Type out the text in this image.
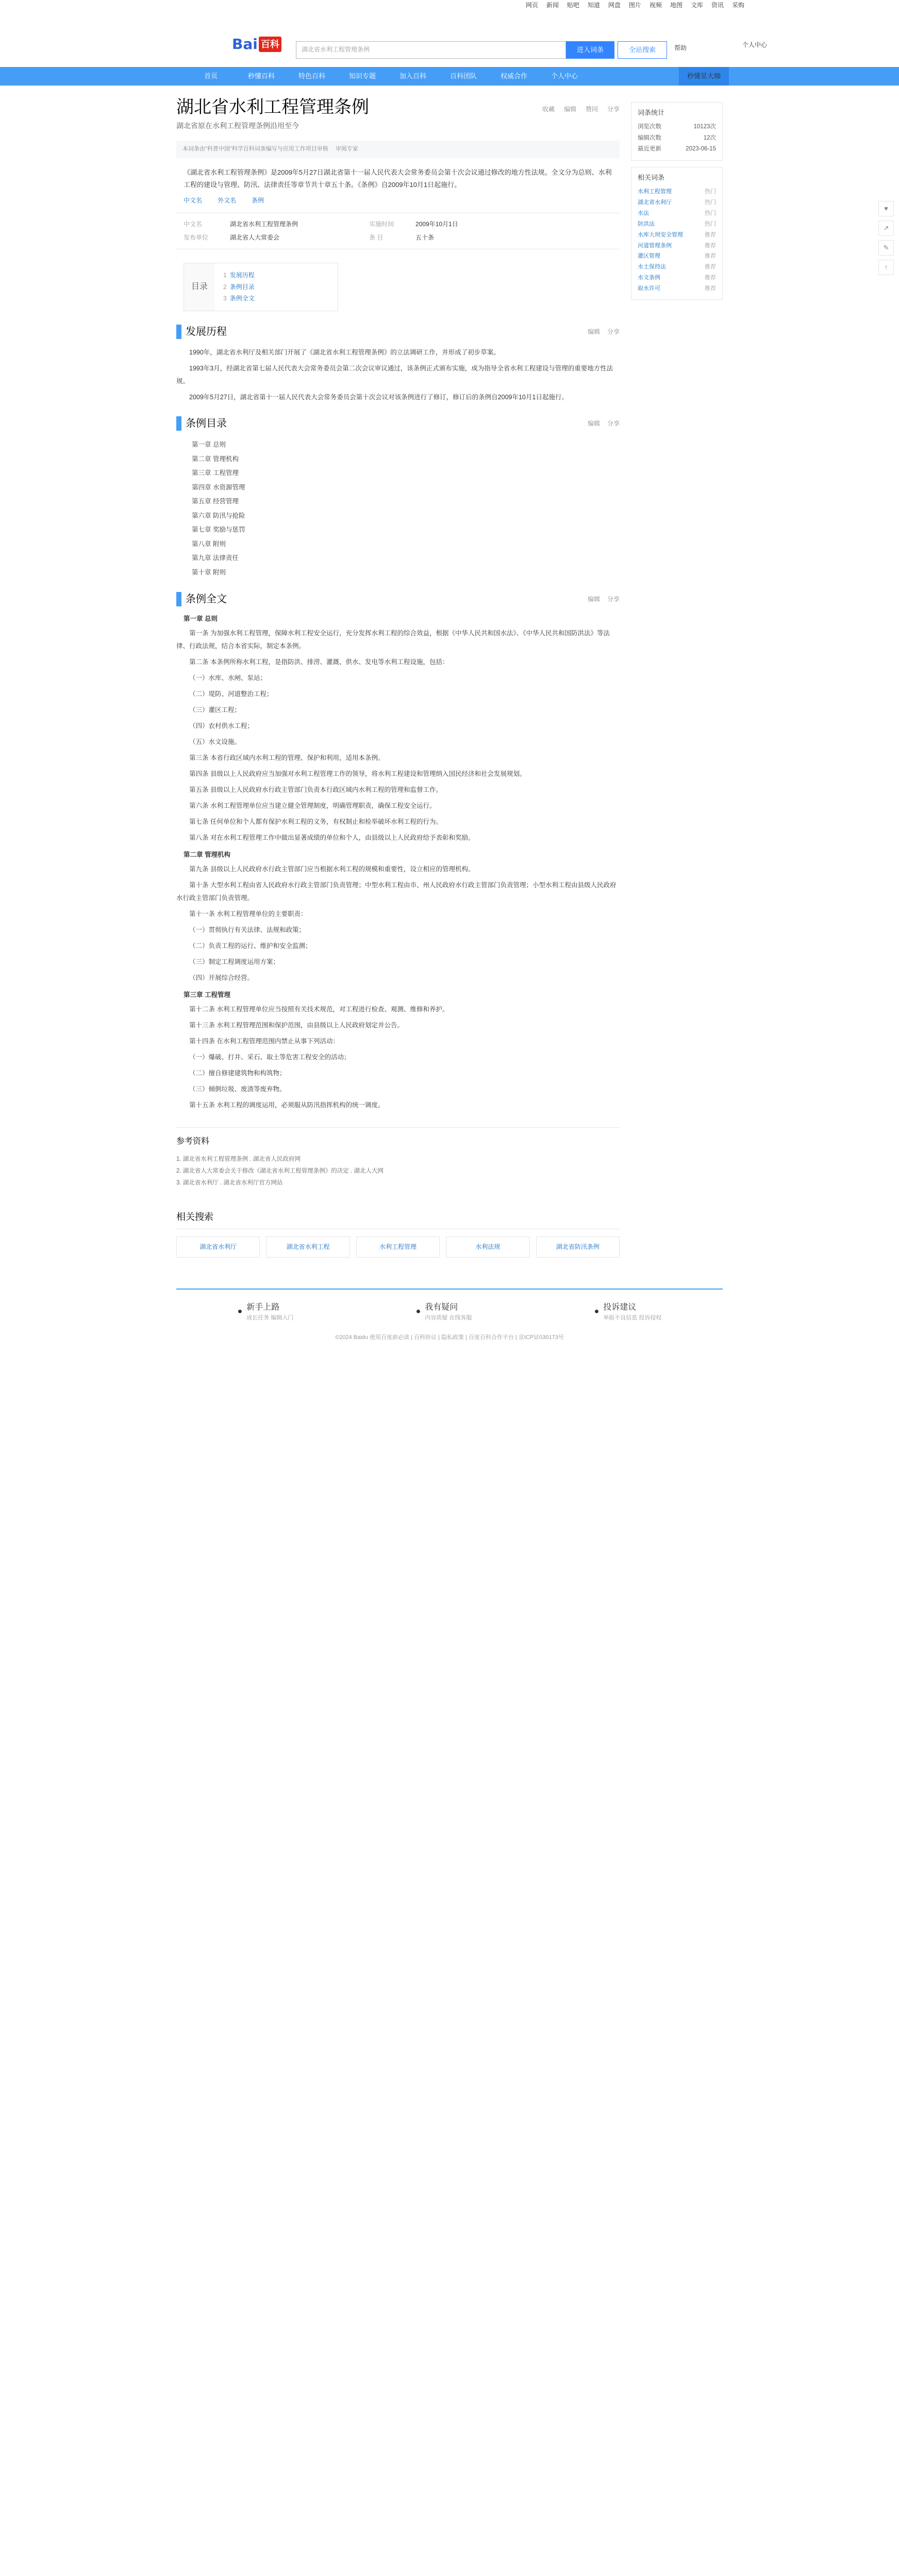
网页 新闻 贴吧 知道 网盘 图片 视频 地图 文库 资讯 采购
Bai 百科
湖北省水利工程管理条例	进入词条	全站搜索	帮助	个人中心
首页	秒懂百科	特色百科	知识专题	加入百科	百科团队	权威合作	个人中心	秒懂星大咖
湖北省水利工程管理条例
湖北省原在水利工程管理条例沿用至今
收藏 编辑 赞同 分享
本词条由"科普中国"科学百科词条编写与应用工作项目审核 审阅专家
《湖北省水利工程管理条例》是2009年5月27日湖北省第十一届人民代表大会常务委员会第十次会议通过修改的地方性法规。全文分为总则、水利工程的建设与管理、防汛、法律责任等章节共十章五十条。《条例》自2009年10月1日起施行。
中文名	外文名	条例
中文名	湖北省水利工程管理条例	实施时间	2009年10月1日
发布单位	湖北省人大常委会	条 目	五十条
目录
1 发展历程
2 条例目录
3 条例全文
发展历程	编辑 分享

1990年，湖北省水利厅及相关部门开展了《湖北省水利工程管理条例》的立法调研工作，并形成了初步草案。

1993年3月，经湖北省第七届人民代表大会常务委员会第二次会议审议通过，该条例正式颁布实施，成为指导全省水利工程建设与管理的重要地方性法规。

2009年5月27日，湖北省第十一届人民代表大会常务委员会第十次会议对该条例进行了修订，修订后的条例自2009年10月1日起施行。

条例目录	编辑 分享
第一章 总则
第二章 管理机构
第三章 工程管理
第四章 水资源管理
第五章 经营管理
第六章 防汛与抢险
第七章 奖励与惩罚
第八章 附则
第九章 法律责任
第十章 附则
条例全文	编辑 分享
第一章 总则

第一条 为加强水利工程管理，保障水利工程安全运行，充分发挥水利工程的综合效益，根据《中华人民共和国水法》、《中华人民共和国防洪法》等法律、行政法规，结合本省实际，制定本条例。

第二条 本条例所称水利工程，是指防洪、排涝、灌溉、供水、发电等水利工程设施，包括：

（一）水库、水闸、泵站；

（二）堤防、河道整治工程；

（三）灌区工程；

（四）农村供水工程；

（五）水文设施。

第三条 本省行政区域内水利工程的管理、保护和利用，适用本条例。

第四条 县级以上人民政府应当加强对水利工程管理工作的领导，将水利工程建设和管理纳入国民经济和社会发展规划。

第五条 县级以上人民政府水行政主管部门负责本行政区域内水利工程的管理和监督工作。

第六条 水利工程管理单位应当建立健全管理制度，明确管理职责，确保工程安全运行。

第七条 任何单位和个人都有保护水利工程的义务，有权制止和检举破坏水利工程的行为。

第八条 对在水利工程管理工作中做出显著成绩的单位和个人，由县级以上人民政府给予表彰和奖励。

第二章 管理机构

第九条 县级以上人民政府水行政主管部门应当根据水利工程的规模和重要性，设立相应的管理机构。

第十条 大型水利工程由省人民政府水行政主管部门负责管理；中型水利工程由市、州人民政府水行政主管部门负责管理；小型水利工程由县级人民政府水行政主管部门负责管理。

第十一条 水利工程管理单位的主要职责：

（一）贯彻执行有关法律、法规和政策；

（二）负责工程的运行、维护和安全监测；

（三）制定工程调度运用方案；

（四）开展综合经营。

第三章 工程管理

第十二条 水利工程管理单位应当按照有关技术规范，对工程进行检查、观测、维修和养护。

第十三条 水利工程管理范围和保护范围，由县级以上人民政府划定并公告。

第十四条 在水利工程管理范围内禁止从事下列活动：

（一）爆破、打井、采石、取土等危害工程安全的活动；

（二）擅自修建建筑物和构筑物；

（三）倾倒垃圾、废渣等废弃物。

第十五条 水利工程的调度运用，必须服从防汛指挥机构的统一调度。

参考资料
1. 湖北省水利工程管理条例 . 湖北省人民政府网
2. 湖北省人大常委会关于修改《湖北省水利工程管理条例》的决定 . 湖北人大网
3. 湖北省水利厅 . 湖北省水利厅官方网站
相关搜索
湖北省水利厅	湖北省水利工程	水利工程管理	水利法规	湖北省防汛条例
词条统计
浏览次数	10123次
编辑次数	12次
最近更新	2023-06-15
相关词条
水利工程管理	热门
湖北省水利厅	热门
水法	热门
防洪法	热门
水库大坝安全管理	推荐
河道管理条例	推荐
灌区管理	推荐
水土保持法	推荐
水文条例	推荐
取水许可	推荐
♥
↗
✎
↑
●
新手上路
成长任务 编辑入门
●
我有疑问
内容质疑 在线客服
●
投诉建议
举报不良信息 投诉侵权
©2024 Baidu 使用百度前必读 | 百科协议 | 隐私政策 | 百度百科合作平台 | 京ICP证030173号
